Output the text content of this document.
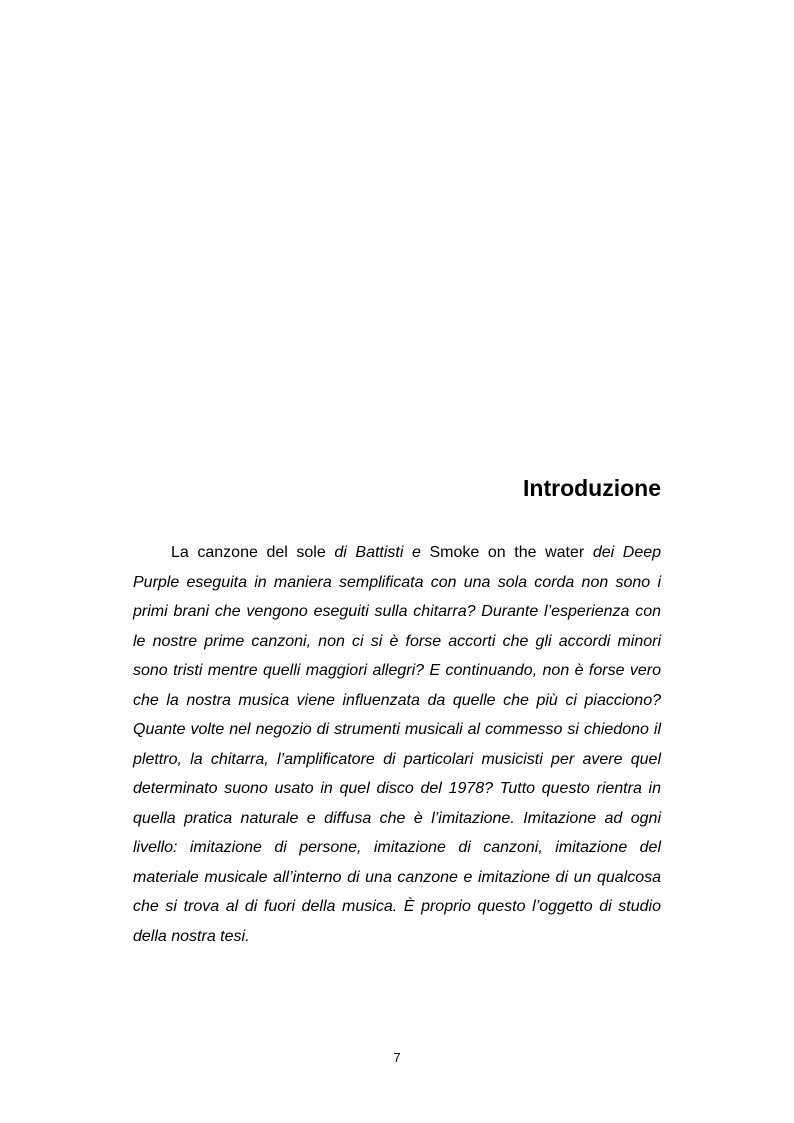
Introduzione

La canzone del sole di Battisti e Smoke on the water dei Deep Purple eseguita in maniera semplificata con una sola corda non sono i primi brani che vengono eseguiti sulla chitarra? Durante l’esperienza con le nostre prime canzoni, non ci si è forse accorti che gli accordi minori sono tristi mentre quelli maggiori allegri? E continuando, non è forse vero che la nostra musica viene influenzata da quelle che più ci piacciono? Quante volte nel negozio di strumenti musicali al commesso si chiedono il plettro, la chitarra, l’amplificatore di particolari musicisti per avere quel determinato suono usato in quel disco del 1978? Tutto questo rientra in quella pratica naturale e diffusa che è l’imitazione. Imitazione ad ogni livello: imitazione di persone, imitazione di canzoni, imitazione del materiale musicale all’interno di una canzone e imitazione di un qualcosa che si trova al di fuori della musica. È proprio questo l’oggetto di studio della nostra tesi.

7
